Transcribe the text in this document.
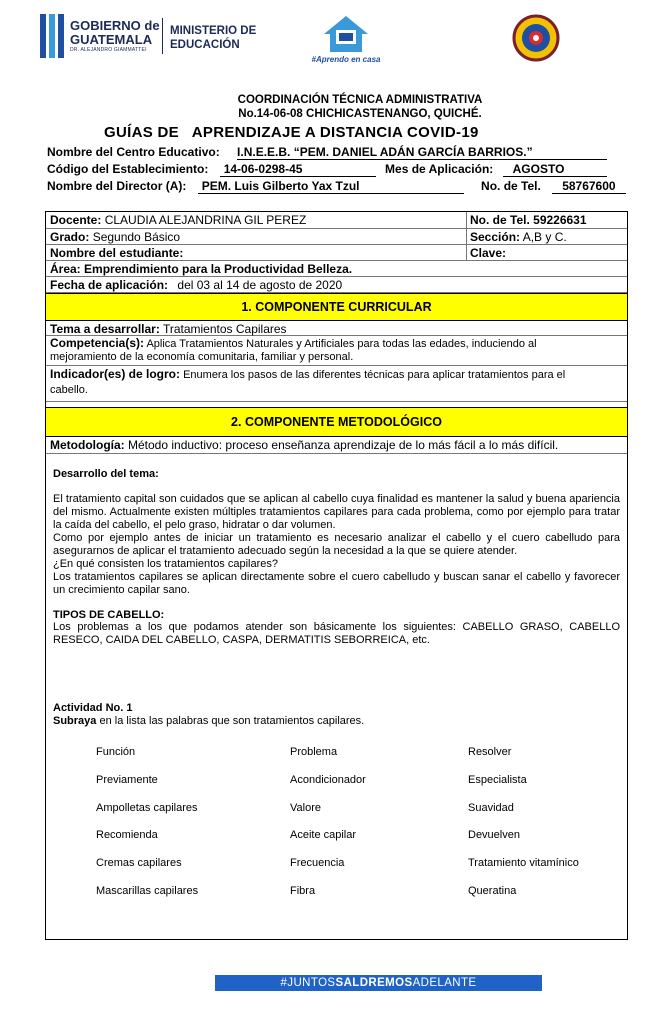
GOBIERNO de
GUATEMALA
DR. ALEJANDRO GIAMMATTEI
MINISTERIO DE
EDUCACIÓN
#Aprendo en casa
COORDINACIÓN TÉCNICA ADMINISTRATIVA
No.14-06-08 CHICHICASTENANGO, QUICHÉ.
GUÍAS DE   APRENDIZAJE A DISTANCIA COVID-19
Nombre del Centro Educativo: I.N.E.E.B. “PEM. DANIEL ADÁN GARCÍA BARRIOS.”
Código del Establecimiento: 14-06-0298-45	Mes de Aplicación: AGOSTO
Nombre del Director (A): PEM. Luis Gilberto Yax Tzul	No. de Tel. 58767600
Docente: CLAUDIA ALEJANDRINA GIL PEREZ	No. de Tel. 59226631
Grado: Segundo Básico	Sección: A,B y C.
Nombre del estudiante:	Clave:
Área: Emprendimiento para la Productividad Belleza.
Fecha de aplicación: del 03 al 14 de agosto de 2020
1. COMPONENTE CURRICULAR
Tema a desarrollar: Tratamientos Capilares
Competencia(s): Aplica Tratamientos Naturales y Artificiales para todas las edades, induciendo al
mejoramiento de la economía comunitaria, familiar y personal.
Indicador(es) de logro: Enumera los pasos de las diferentes técnicas para aplicar tratamientos para el
cabello.
2. COMPONENTE METODOLÓGICO
Metodología: Método inductivo: proceso enseñanza aprendizaje de lo más fácil a lo más difícil.
Desarrollo del tema:
El tratamiento capital son cuidados que se aplican al cabello cuya finalidad es mantener la salud y buena apariencia del mismo. Actualmente existen múltiples tratamientos capilares para cada problema, como por ejemplo para tratar la caída del cabello, el pelo graso, hidratar o dar volumen.
Como por ejemplo antes de iniciar un tratamiento es necesario analizar el cabello y el cuero cabelludo para asegurarnos de aplicar el tratamiento adecuado según la necesidad a la que se quiere atender.
¿En qué consisten los tratamientos capilares?
Los tratamientos capilares se aplican directamente sobre el cuero cabelludo y buscan sanar el cabello y favorecer un crecimiento capilar sano.
TIPOS DE CABELLO:
Los problemas a los que podamos atender son básicamente los siguientes: CABELLO GRASO, CABELLO RESECO, CAIDA DEL CABELLO, CASPA, DERMATITIS SEBORREICA, etc.
Actividad No. 1
Subraya en la lista las palabras que son tratamientos capilares.
Función	Problema	Resolver
Previamente	Acondicionador	Especialista
Ampolletas capilares	Valore	Suavidad
Recomienda	Aceite capilar	Devuelven
Cremas capilares	Frecuencia	Tratamiento vitamínico
Mascarillas capilares	Fibra	Queratina
#JUNTOSSALDREMOSADELANTE
